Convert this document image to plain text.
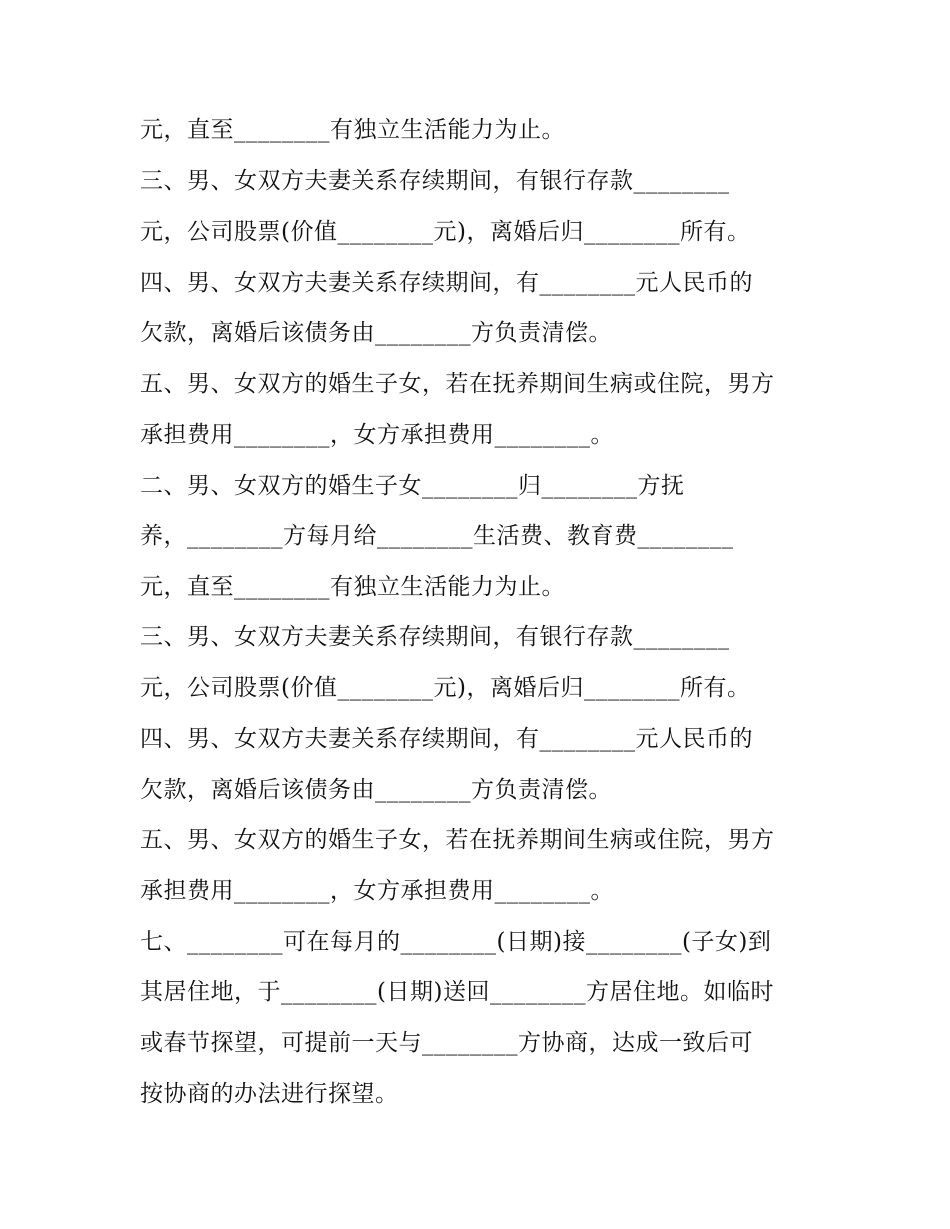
元，直至________有独立生活能力为止。
三、男、女双方夫妻关系存续期间，有银行存款________
元，公司股票(价值________元)，离婚后归________所有。
四、男、女双方夫妻关系存续期间，有________元人民币的
欠款，离婚后该债务由________方负责清偿。
五、男、女双方的婚生子女，若在抚养期间生病或住院，男方
承担费用________，女方承担费用________。
二、男、女双方的婚生子女________归________方抚
养，________方每月给________生活费、教育费________
元，直至________有独立生活能力为止。
三、男、女双方夫妻关系存续期间，有银行存款________
元，公司股票(价值________元)，离婚后归________所有。
四、男、女双方夫妻关系存续期间，有________元人民币的
欠款，离婚后该债务由________方负责清偿。
五、男、女双方的婚生子女，若在抚养期间生病或住院，男方
承担费用________，女方承担费用________。
七、________可在每月的________(日期)接________(子女)到
其居住地，于________(日期)送回________方居住地。如临时
或春节探望，可提前一天与________方协商，达成一致后可
按协商的办法进行探望。
